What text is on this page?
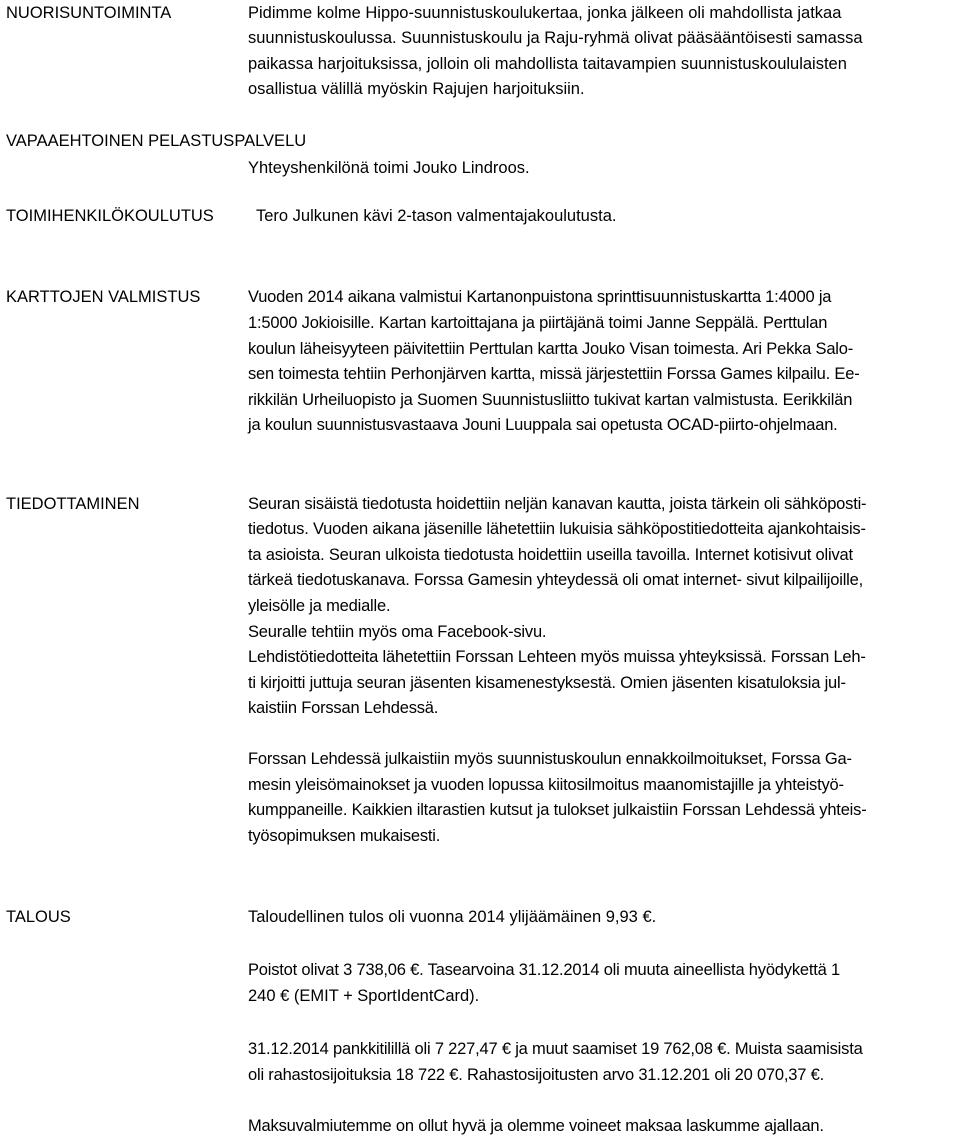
NUORISUNTOIMINTA	Pidimme kolme Hippo-suunnistuskoulukertaa, jonka jälkeen oli mahdollista jatkaa
suunnistuskoulussa. Suunnistuskoulu ja Raju-ryhmä olivat pääsääntöisesti samassa
paikassa harjoituksissa, jolloin oli mahdollista taitavampien suunnistuskoululaisten
osallistua välillä myöskin Rajujen harjoituksiin.
VAPAAEHTOINEN PELASTUSPALVELU
Yhteyshenkilönä toimi Jouko Lindroos.
TOIMIHENKILÖKOULUTUS	Tero Julkunen kävi 2-tason valmentajakoulutusta.
KARTTOJEN VALMISTUS	Vuoden 2014 aikana valmistui Kartanonpuistona sprinttisuunnistuskartta 1:4000 ja
1:5000 Jokioisille. Kartan kartoittajana ja piirtäjänä toimi Janne Seppälä. Perttulan
koulun läheisyyteen päivitettiin Perttulan kartta Jouko Visan toimesta. Ari Pekka Salo-
sen toimesta tehtiin Perhonjärven kartta, missä järjestettiin Forssa Games kilpailu. Ee-
rikkilän Urheiluopisto ja Suomen Suunnistusliitto tukivat kartan valmistusta. Eerikkilän
ja koulun suunnistusvastaava Jouni Luuppala sai opetusta OCAD-piirto-ohjelmaan.
TIEDOTTAMINEN	Seuran sisäistä tiedotusta hoidettiin neljän kanavan kautta, joista tärkein oli sähköposti-
tiedotus. Vuoden aikana jäsenille lähetettiin lukuisia sähköpostitiedotteita ajankohtaisis-
ta asioista. Seuran ulkoista tiedotusta hoidettiin useilla tavoilla. Internet kotisivut olivat
tärkeä tiedotuskanava. Forssa Gamesin yhteydessä oli omat internet- sivut kilpailijoille,
yleisölle ja medialle.
Seuralle tehtiin myös oma Facebook-sivu.
Lehdistötiedotteita lähetettiin Forssan Lehteen myös muissa yhteyksissä. Forssan Leh-
ti kirjoitti juttuja seuran jäsenten kisamenestyksestä. Omien jäsenten kisatuloksia jul-
kaistiin Forssan Lehdessä.
Forssan Lehdessä julkaistiin myös suunnistuskoulun ennakkoilmoitukset, Forssa Ga-
mesin yleisömainokset ja vuoden lopussa kiitosilmoitus maanomistajille ja yhteistyö-
kumppaneille. Kaikkien iltarastien kutsut ja tulokset julkaistiin Forssan Lehdessä yhteis-
työsopimuksen mukaisesti.
TALOUS	Taloudellinen tulos oli vuonna 2014 ylijäämäinen 9,93 €.
Poistot olivat 3 738,06 €. Tasearvoina 31.12.2014 oli muuta aineellista hyödykettä 1
240 € (EMIT + SportIdentCard).
31.12.2014 pankkitilillä oli 7 227,47 € ja muut saamiset 19 762,08 €. Muista saamisista
oli rahastosijoituksia 18 722 €. Rahastosijoitusten arvo 31.12.201 oli 20 070,37 €.
Maksuvalmiutemme on ollut hyvä ja olemme voineet maksaa laskumme ajallaan.
